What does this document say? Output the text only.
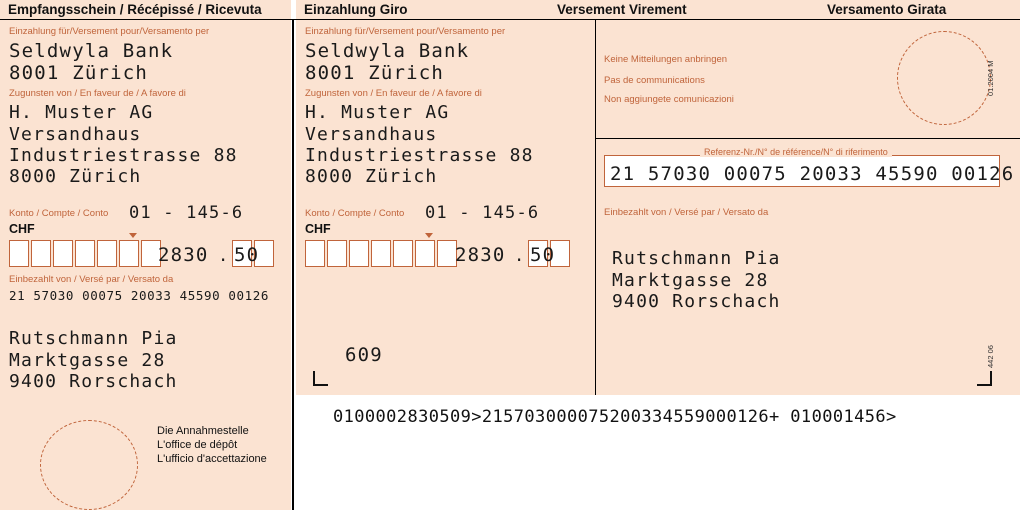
Empfangsschein / Récépissé / Ricevuta	Einzahlung Giro	Versement Virement	Versamento Girata
Einzahlung für/Versement pour/Versamento per
Seldwyla Bank
8001 Zürich
Zugunsten von / En faveur de / A favore di
H. Muster AG
Versandhaus
Industriestrasse 88
8000 Zürich
Konto / Compte / Conto 01 - 145-6
CHF
2830 . 50
Einbezahlt von / Versé par / Versato da
21 57030 00075 20033 45590 00126
Rutschmann Pia
Marktgasse 28
9400 Rorschach
Die Annahmestelle
L'office de dépôt
L'ufficio d'accettazione
Einzahlung für/Versement pour/Versamento per
Seldwyla Bank
8001 Zürich
Zugunsten von / En faveur de / A favore di
H. Muster AG
Versandhaus
Industriestrasse 88
8000 Zürich
Konto / Compte / Conto 01 - 145-6
CHF
2830 . 50
609
Keine Mitteilungen anbringen
Pas de communications
Non aggiungete comunicazioni
Referenz-Nr./N° de référence/N° di riferimento
21 57030 00075 20033 45590 00126
Einbezahlt von / Versé par / Versato da
Rutschmann Pia
Marktgasse 28
9400 Rorschach
01.2004 M
442 06
0100002830509>215703000075200334559000126+ 010001456>
